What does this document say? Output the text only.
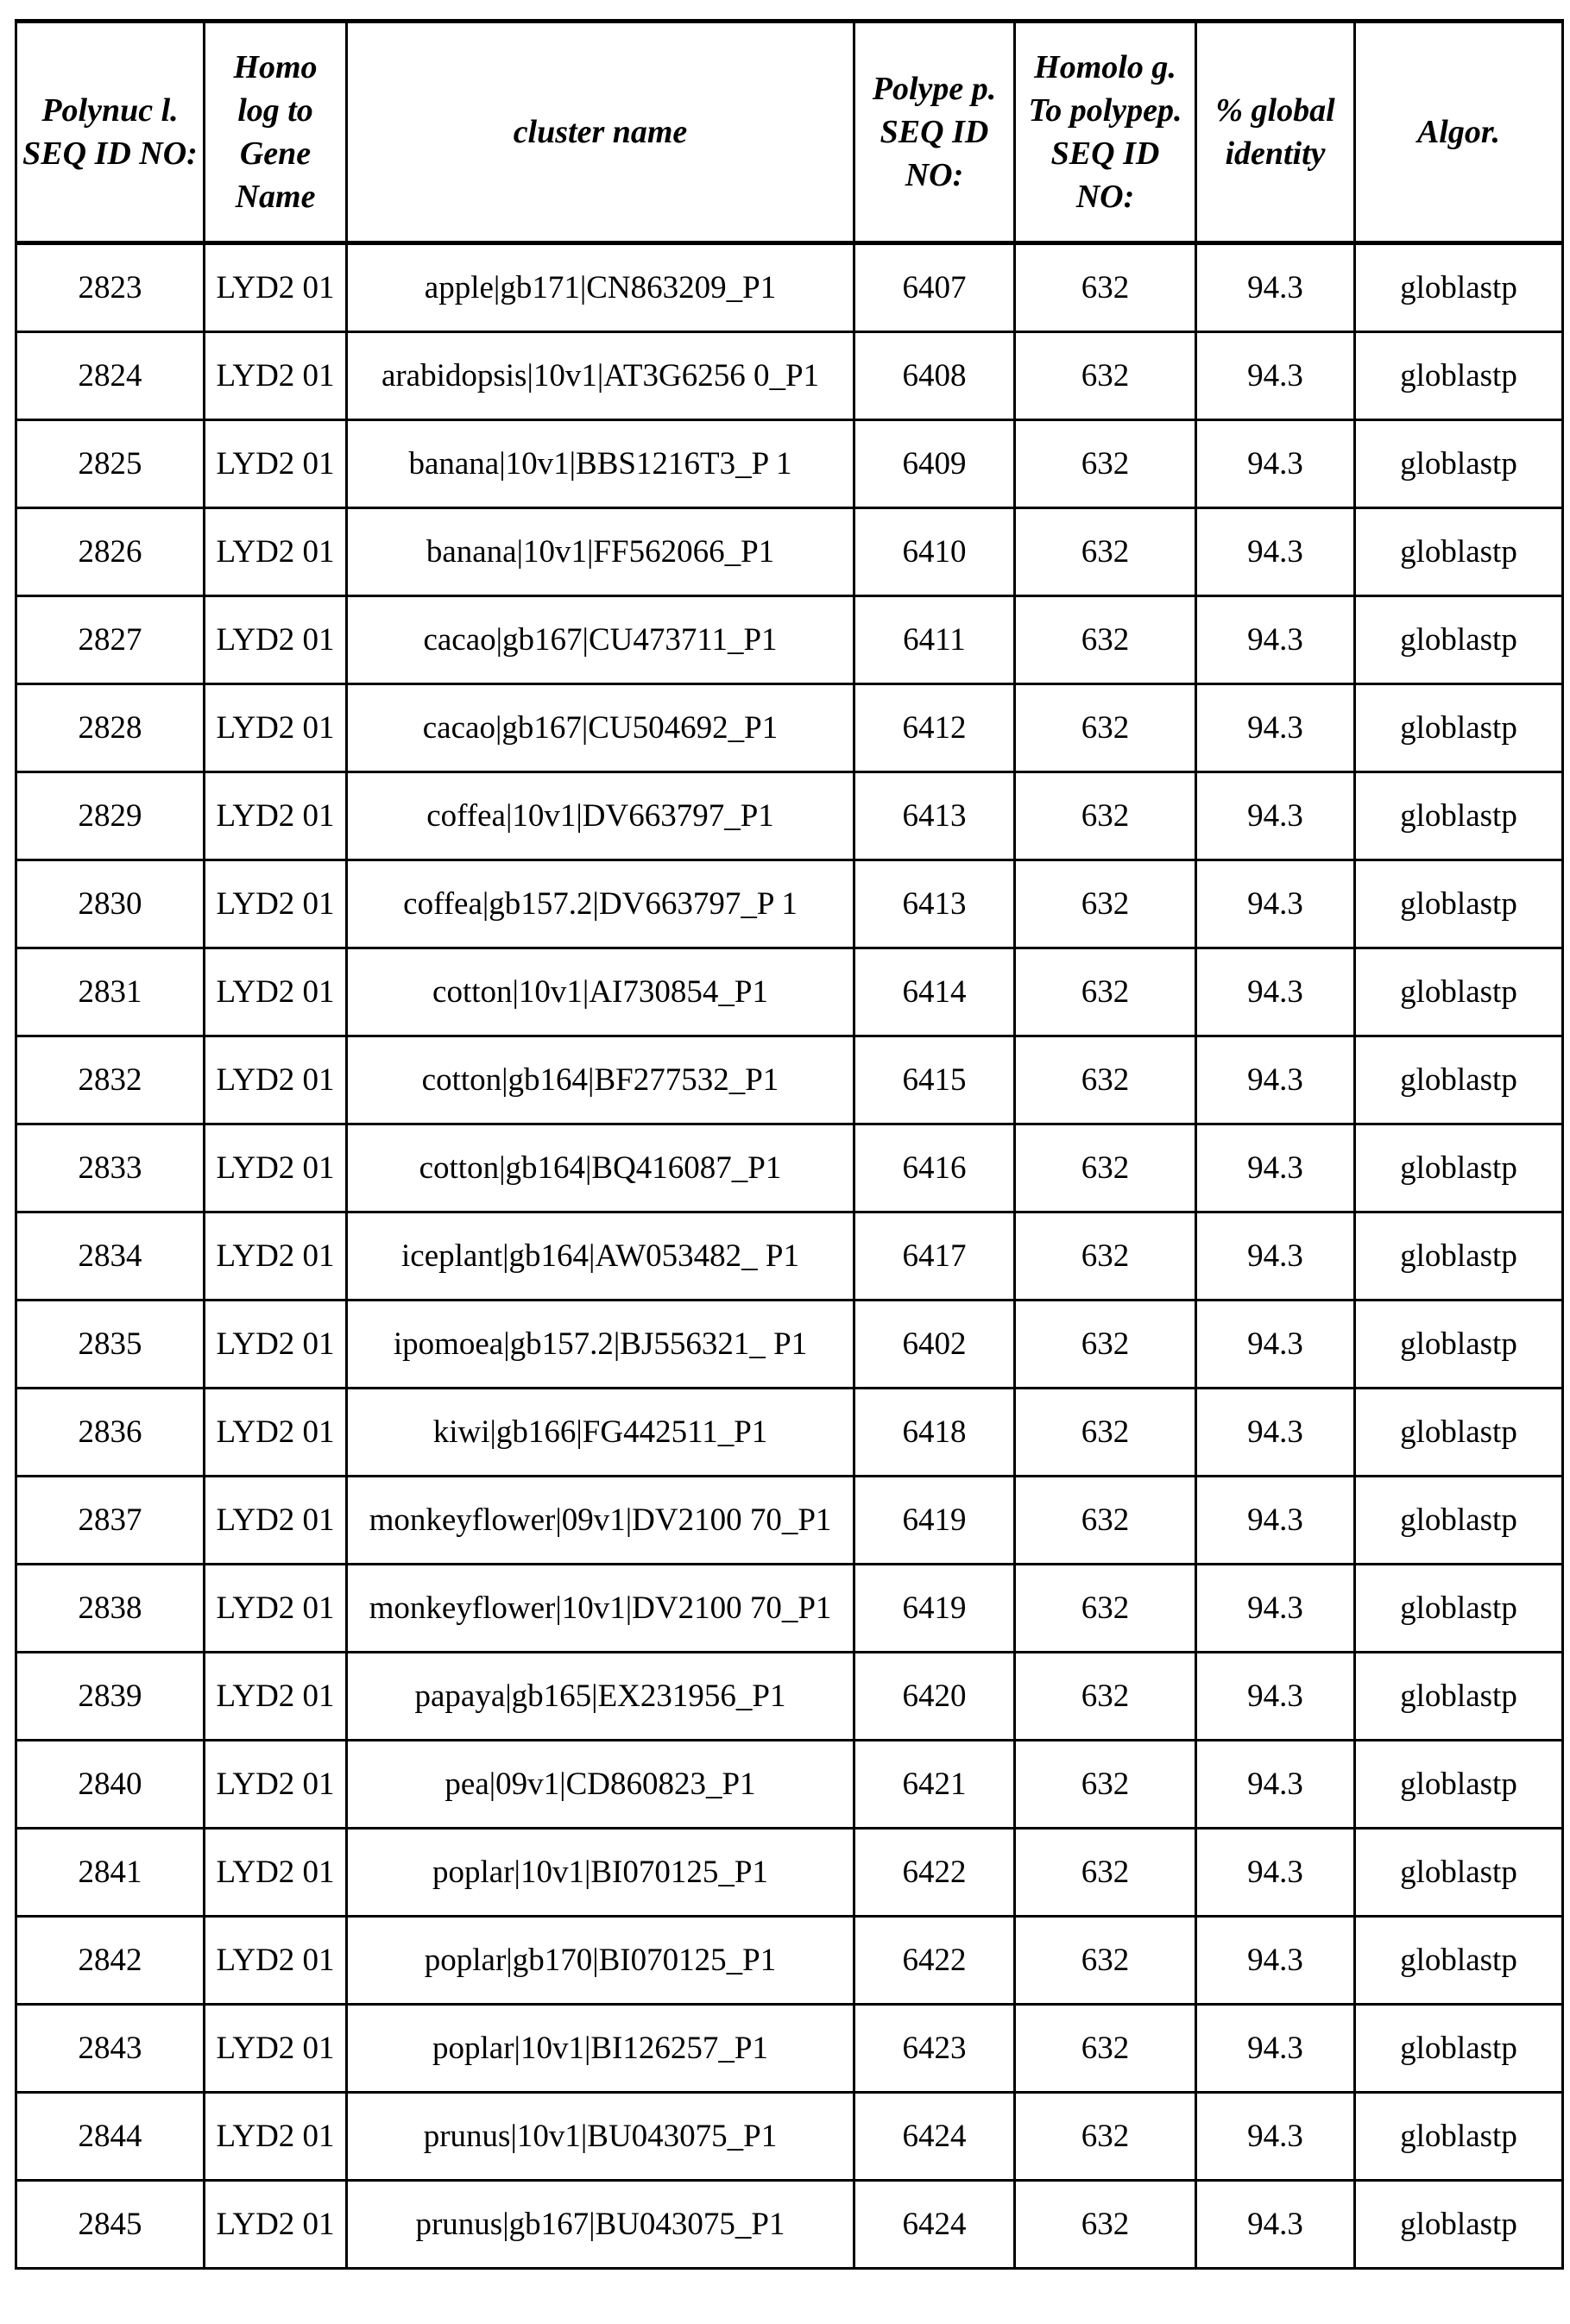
Polynuc l. SEQ ID NO:	Homo log to Gene Name	cluster name	Polype p. SEQ ID NO:	Homolo g. To polypep. SEQ ID NO:	% global identity	Algor.
2823	LYD2 01	apple|gb171|CN863209_P1	6407	632	94.3	globlastp
2824	LYD2 01	arabidopsis|10v1|AT3G6256 0_P1	6408	632	94.3	globlastp
2825	LYD2 01	banana|10v1|BBS1216T3_P 1	6409	632	94.3	globlastp
2826	LYD2 01	banana|10v1|FF562066_P1	6410	632	94.3	globlastp
2827	LYD2 01	cacao|gb167|CU473711_P1	6411	632	94.3	globlastp
2828	LYD2 01	cacao|gb167|CU504692_P1	6412	632	94.3	globlastp
2829	LYD2 01	coffea|10v1|DV663797_P1	6413	632	94.3	globlastp
2830	LYD2 01	coffea|gb157.2|DV663797_P 1	6413	632	94.3	globlastp
2831	LYD2 01	cotton|10v1|AI730854_P1	6414	632	94.3	globlastp
2832	LYD2 01	cotton|gb164|BF277532_P1	6415	632	94.3	globlastp
2833	LYD2 01	cotton|gb164|BQ416087_P1	6416	632	94.3	globlastp
2834	LYD2 01	iceplant|gb164|AW053482_ P1	6417	632	94.3	globlastp
2835	LYD2 01	ipomoea|gb157.2|BJ556321_ P1	6402	632	94.3	globlastp
2836	LYD2 01	kiwi|gb166|FG442511_P1	6418	632	94.3	globlastp
2837	LYD2 01	monkeyflower|09v1|DV2100 70_P1	6419	632	94.3	globlastp
2838	LYD2 01	monkeyflower|10v1|DV2100 70_P1	6419	632	94.3	globlastp
2839	LYD2 01	papaya|gb165|EX231956_P1	6420	632	94.3	globlastp
2840	LYD2 01	pea|09v1|CD860823_P1	6421	632	94.3	globlastp
2841	LYD2 01	poplar|10v1|BI070125_P1	6422	632	94.3	globlastp
2842	LYD2 01	poplar|gb170|BI070125_P1	6422	632	94.3	globlastp
2843	LYD2 01	poplar|10v1|BI126257_P1	6423	632	94.3	globlastp
2844	LYD2 01	prunus|10v1|BU043075_P1	6424	632	94.3	globlastp
2845	LYD2 01	prunus|gb167|BU043075_P1	6424	632	94.3	globlastp
